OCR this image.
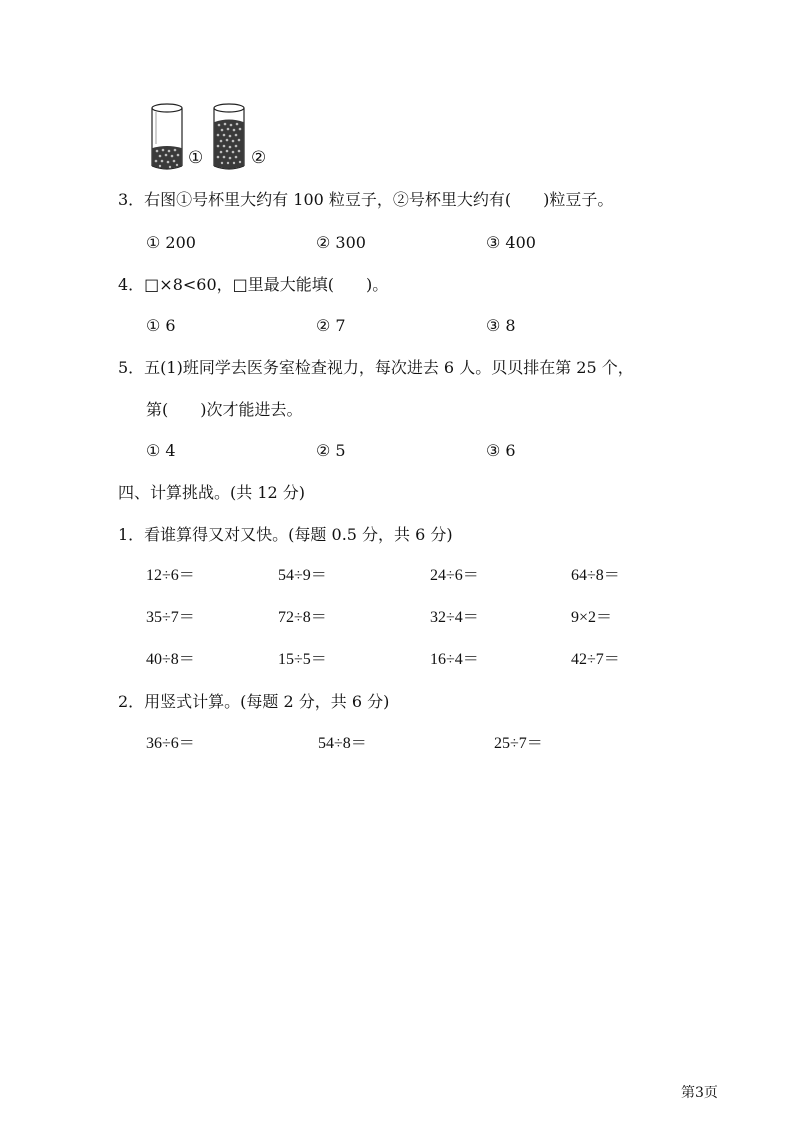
①	②
3．右图①号杯里大约有 100 粒豆子，②号杯里大约有(　　)粒豆子。
① 200	② 300	③ 400
4．□×8<60，□里最大能填(　　)。
① 6	② 7	③ 8
5．五(1)班同学去医务室检查视力，每次进去 6 人。贝贝排在第 25 个，
第(　　)次才能进去。
① 4	② 5	③ 6
四、计算挑战。(共 12 分)
1．看谁算得又对又快。(每题 0.5 分，共 6 分)
12÷6＝	54÷9＝	24÷6＝	64÷8＝
35÷7＝	72÷8＝	32÷4＝	9×2＝
40÷8＝	15÷5＝	16÷4＝	42÷7＝
2．用竖式计算。(每题 2 分，共 6 分)
36÷6＝	54÷8＝	25÷7＝
第3页
